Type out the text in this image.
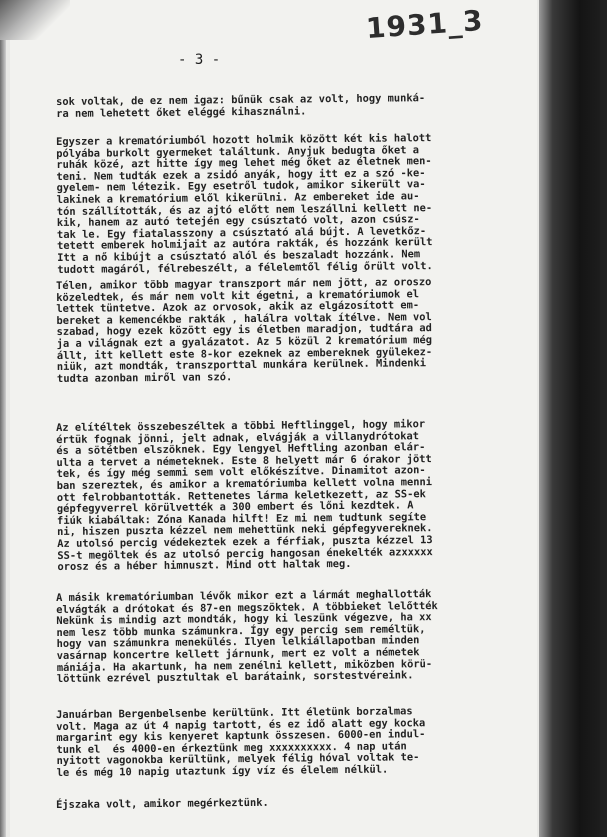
1931_3
- 3 -

sok voltak, de ez nem igaz: bűnük csak az volt, hogy munká-
ra nem lehetett őket eléggé kihasználni.

Egyszer a krematóriumból hozott holmik között két kis halott
pólyába burkolt gyermeket találtunk. Anyjuk bedugta őket a
ruhák közé, azt hitte így meg lehet még őket az életnek men-
teni. Nem tudták ezek a zsidó anyák, hogy itt ez a szó -ke-
gyelem- nem létezik. Egy esetről tudok, amikor sikerült va-
lakinek a krematórium elől kikerülni. Az embereket ide au-
tón szállították, és az ajtó előtt nem leszállni kellett ne-
kik, hanem az autó tetején egy csúsztató volt, azon csúsz-
tak le. Egy fiatalasszony a csúsztató alá bújt. A levetkőz-
tetett emberek holmijait az autóra rakták, és hozzánk került
Itt a nő kibújt a csúsztató alól és beszaladt hozzánk. Nem
tudott magáról, félrebeszélt, a félelemtől félig őrült volt.

Télen, amikor több magyar transzport már nem jött, az oroszo
közeledtek, és már nem volt kit égetni, a krematóriumok el
lettek tüntetve. Azok az orvosok, akik az elgázosított em-
bereket a kemencékbe rakták , halálra voltak ítélve. Nem vol
szabad, hogy ezek között egy is életben maradjon, tudtára ad
ja a világnak ezt a gyalázatot. Az 5 közül 2 krematórium még
állt, itt kellett este 8-kor ezeknek az embereknek gyülekez-
niük, azt mondták, transzporttal munkára kerülnek. Mindenki
tudta azonban miről van szó.

Az elítéltek összebeszéltek a többi Heftlinggel, hogy mikor
értük fognak jönni, jelt adnak, elvágják a villanydrótokat
és a sötétben elszöknek. Egy lengyel Heftling azonban elár-
ulta a tervet a németeknek. Este 8 helyett már 6 órakor jött
tek, és így még semmi sem volt előkészítve. Dinamitot azon-
ban szereztek, és amikor a krematóriumba kellett volna menni
ott felrobbantották. Rettenetes lárma keletkezett, az SS-ek
gépfegyverrel körülvették a 300 embert és lőni kezdtek. A
fiúk kiabáltak: Zóna Kanada hilft! Ez mi nem tudtunk segíte
ni, hiszen puszta kézzel nem mehettünk neki gépfegyvereknek.
Az utolsó percig védekeztek ezek a férfiak, puszta kézzel 13
SS-t megöltek és az utolsó percig hangosan énekelték azxxxxx
orosz és a héber himnuszt. Mind ott haltak meg.

A másik krematóriumban lévők mikor ezt a lármát meghallották
elvágták a drótokat és 87-en megszöktek. A többieket lelőtték
Nekünk is mindig azt mondták, hogy ki leszünk végezve, ha xx
nem lesz több munka számunkra. Így egy percig sem reméltük,
hogy van számunkra menekülés. Ilyen lelkiállapotban minden
vasárnap koncertre kellett járnunk, mert ez volt a németek
mániája. Ha akartunk, ha nem zenélni kellett, miközben körü-
löttünk ezrével pusztultak el barátaink, sorstestvéreink.

Januárban Bergenbelsenbe kerültünk. Itt életünk borzalmas
volt. Maga az út 4 napig tartott, és ez idő alatt egy kocka
margarint egy kis kenyeret kaptunk összesen. 6000-en indul-
tunk el  és 4000-en érkeztünk meg xxxxxxxxxx. 4 nap után
nyitott vagonokba kerültünk, melyek félig hóval voltak te-
le és még 10 napig utaztunk így víz és élelem nélkül.

Éjszaka volt, amikor megérkeztünk.
